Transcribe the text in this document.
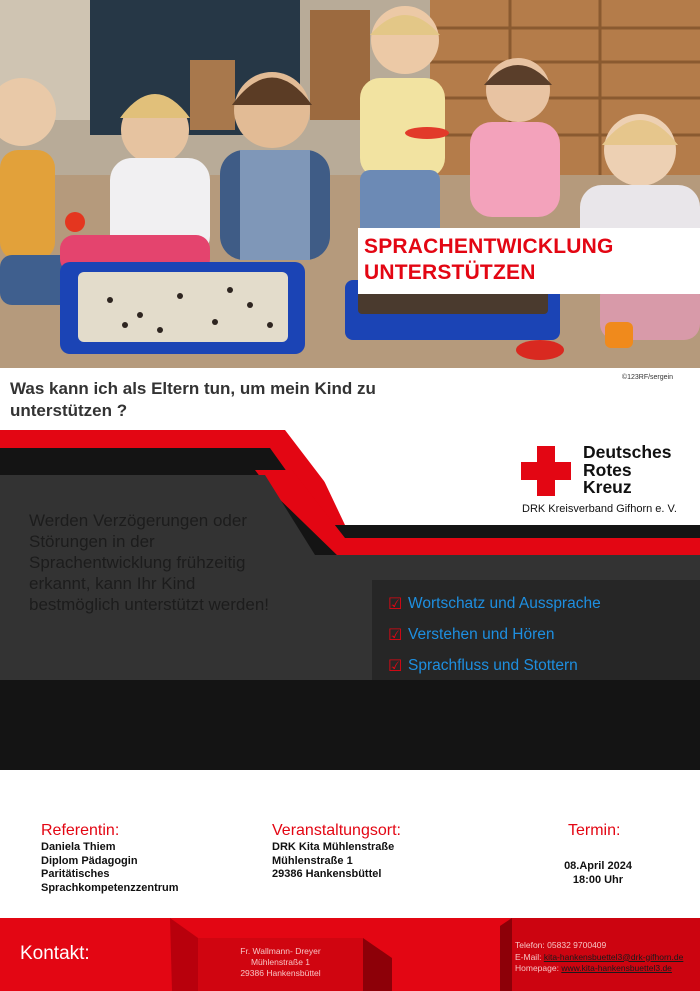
SPRACHENTWICKLUNG
UNTERSTÜTZEN
©123RF/sergein
Was kann ich als Eltern tun, um mein Kind zu unterstützen ?
Deutsches
Rotes
Kreuz
DRK Kreisverband Gifhorn e. V.
Werden Verzögerungen oder Störungen in der Sprachentwicklung frühzeitig erkannt, kann Ihr Kind bestmöglich unterstützt werden!	☑ Wortschatz und Aussprache
☑ Verstehen und Hören
☑ Sprachfluss und Stottern
Referentin:
Daniela Thiem
Diplom Pädagogin
Paritätisches
Sprachkompetenzzentrum
Veranstaltungsort:
DRK Kita Mühlenstraße
Mühlenstraße 1
29386 Hankensbüttel
Termin:
08.April 2024
18:00 Uhr
Kontakt:	Fr. Wallmann- Dreyer
Mühlenstraße 1
29386 Hankensbüttel
Telefon: 05832 9700409
E-Mail: kita-hankensbuettel3@drk-gifhorn.de
Homepage: www.kita-hankensbuettel3.de
